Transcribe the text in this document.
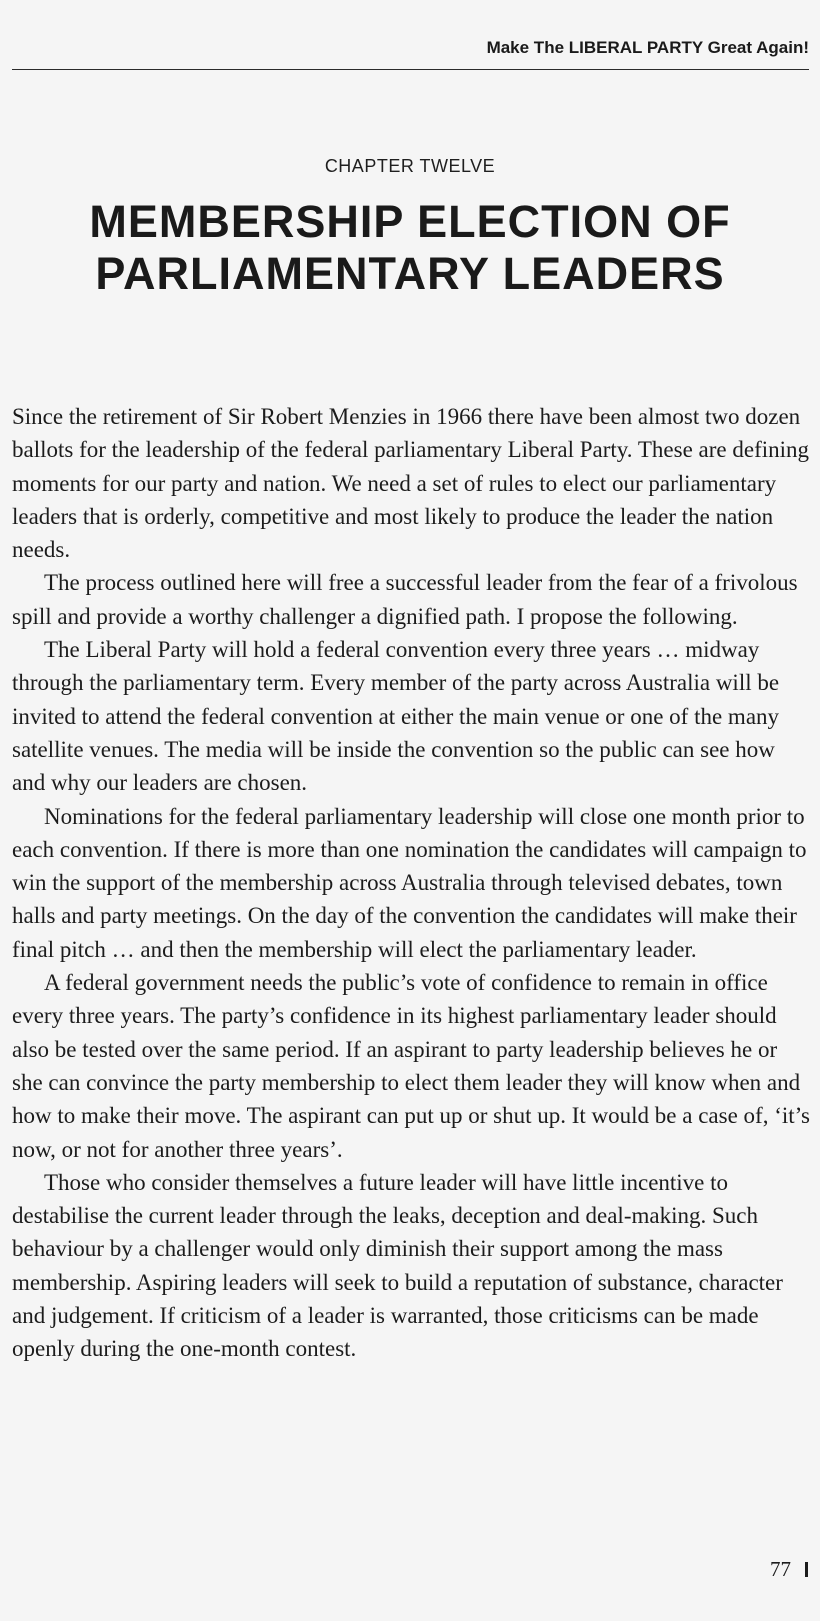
Make The LIBERAL PARTY Great Again!
CHAPTER TWELVE
MEMBERSHIP ELECTION OF
PARLIAMENTARY LEADERS

Since the retirement of Sir Robert Menzies in 1966 there have been almost two dozen ballots for the leadership of the federal parliamentary Liberal Party. These are defining moments for our party and nation. We need a set of rules to elect our parliamentary leaders that is orderly, competitive and most likely to produce the leader the nation needs.

The process outlined here will free a successful leader from the fear of a frivolous spill and provide a worthy challenger a dignified path. I propose the following.

The Liberal Party will hold a federal convention every three years … midway through the parliamentary term. Every member of the party across Australia will be invited to attend the federal convention at either the main venue or one of the many satellite venues. The media will be inside the convention so the public can see how and why our leaders are chosen.

Nominations for the federal parliamentary leadership will close one month prior to each convention. If there is more than one nomination the candidates will campaign to win the support of the membership across Australia through televised debates, town halls and party meetings. On the day of the convention the candidates will make their final pitch … and then the membership will elect the parliamentary leader.

A federal government needs the public’s vote of confidence to remain in office every three years. The party’s confidence in its highest parliamentary leader should also be tested over the same period. If an aspirant to party leadership believes he or she can convince the party membership to elect them leader they will know when and how to make their move. The aspirant can put up or shut up. It would be a case of, ‘it’s now, or not for another three years’.

Those who consider themselves a future leader will have little incentive to destabilise the current leader through the leaks, deception and deal-making. Such behaviour by a challenger would only diminish their support among the mass membership. Aspiring leaders will seek to build a reputation of substance, character and judgement. If criticism of a leader is warranted, those criticisms can be made openly during the one-month contest.

77
